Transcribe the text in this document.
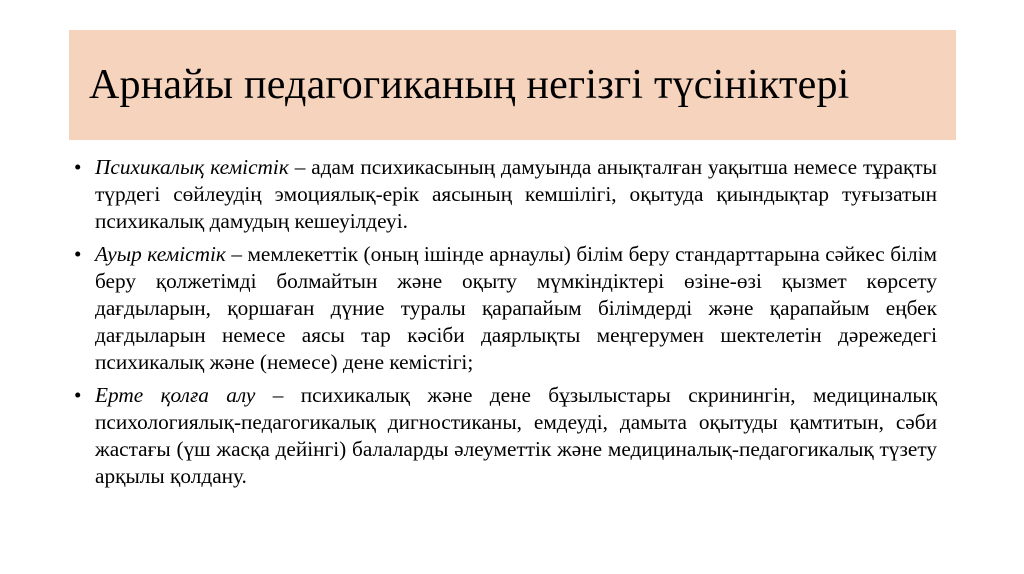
Арнайы педагогиканың негізгі түсініктері
• Психикалық кемістік – адам психикасының дамуында анықталған уақытша немесе тұрақты түрдегі сөйлеудің эмоциялық-ерік аясының кемшілігі, оқытуда қиындықтар туғызатын психикалық дамудың кешеуілдеуі.
• Ауыр кемістік – мемлекеттік (оның ішінде арнаулы) білім беру стандарттарына сәйкес білім беру қолжетімді болмайтын және оқыту мүмкіндіктері өзіне-өзі қызмет көрсету дағдыларын, қоршаған дүние туралы қарапайым білімдерді және қарапайым еңбек дағдыларын немесе аясы тар кәсіби даярлықты меңгерумен шектелетін дәрежедегі психикалық және (немесе) дене кемістігі;
• Ерте қолға алу – психикалық және дене бұзылыстары скринингін, медициналық психологиялық-педагогикалық дигностиканы, емдеуді, дамыта оқытуды қамтитын, сәби жастағы (үш жасқа дейінгі) балаларды әлеуметтік және медициналық-педагогикалық түзету арқылы қолдану.
